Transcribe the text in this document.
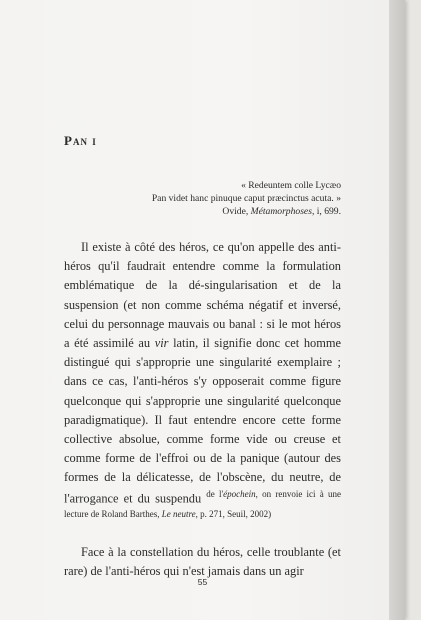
Pan i
« Redeuntem colle Lycæo
Pan videt hanc pinuque caput præcinctus acuta. »
Ovide, Métamorphoses, i, 699.

Il existe à côté des héros, ce qu'on appelle des anti-héros qu'il faudrait entendre comme la formulation emblématique de la dé-singularisation et de la suspension (et non comme schéma négatif et inversé, celui du personnage mauvais ou banal : si le mot héros a été assimilé au vir latin, il signifie donc cet homme distingué qui s'approprie une singularité exemplaire ; dans ce cas, l'anti-héros s'y opposerait comme figure quelconque qui s'approprie une singularité quelconque paradigmatique). Il faut entendre encore cette forme collective absolue, comme forme vide ou creuse et comme forme de l'effroi ou de la panique (autour des formes de la délicatesse, de l'obscène, du neutre, de l'arrogance et du suspendu $^{de l'épochein, on renvoie ici à une lecture de Roland Barthes,}$ $^{Le neutre, p. 271, Seuil, 2002)}$

Face à la constellation du héros, celle troublante (et rare) de l'anti-héros qui n'est jamais dans un agir

55
